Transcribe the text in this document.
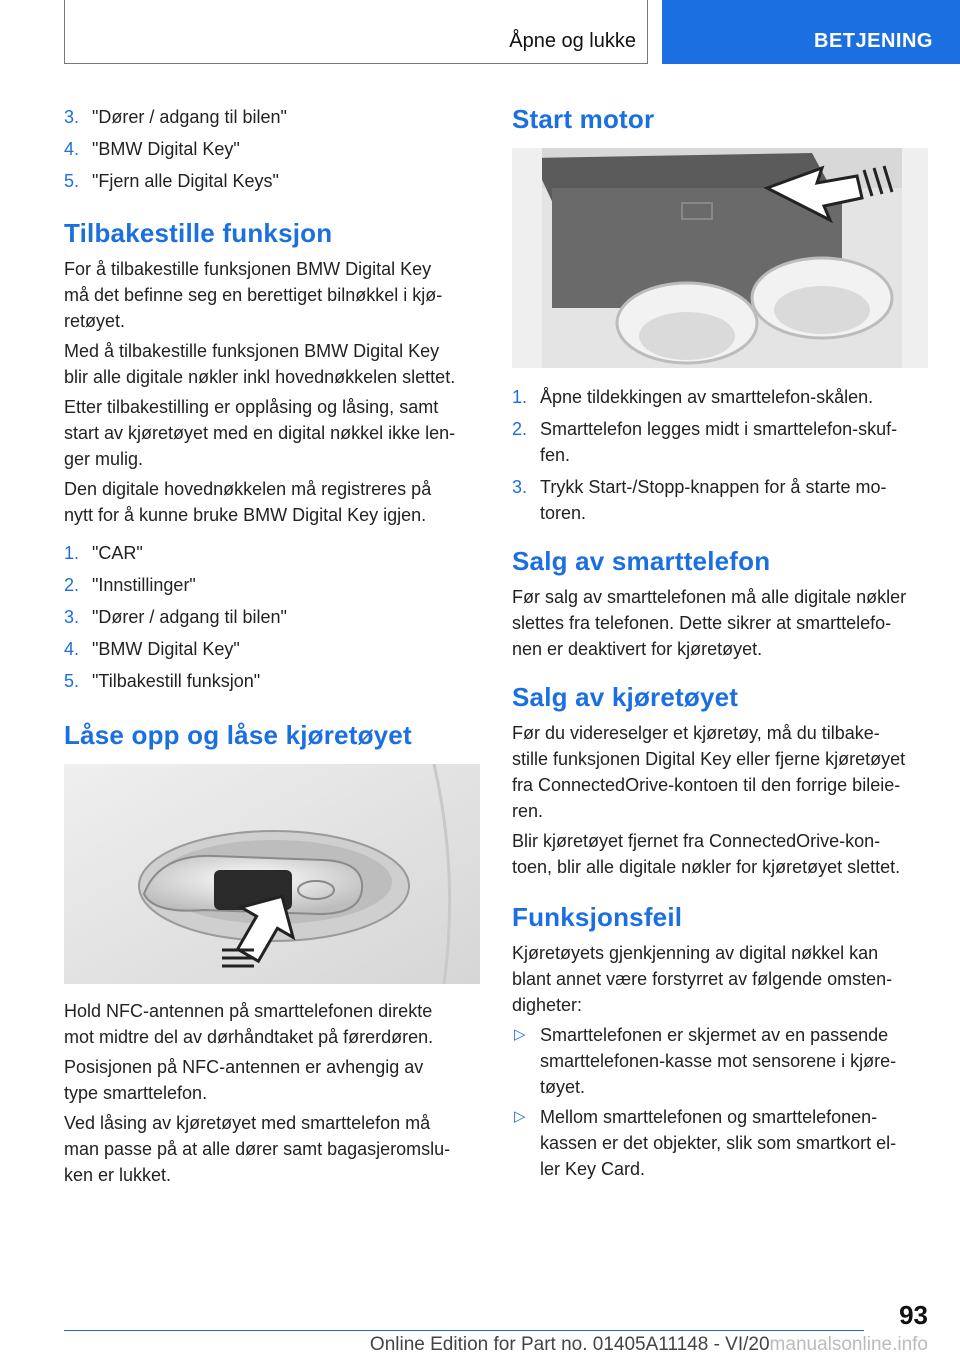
Åpne og lukke	BETJENING
3. "Dører / adgang til bilen"
4. "BMW Digital Key"
5. "Fjern alle Digital Keys"
Tilbakestille funksjon
For å tilbakestille funksjonen BMW Digital Key
må det befinne seg en berettiget bilnøkkel i kjø-
retøyet.
Med å tilbakestille funksjonen BMW Digital Key
blir alle digitale nøkler inkl hovednøkkelen slettet.
Etter tilbakestilling er opplåsing og låsing, samt
start av kjøretøyet med en digital nøkkel ikke len-
ger mulig.
Den digitale hovednøkkelen må registreres på
nytt for å kunne bruke BMW Digital Key igjen.
1. "CAR"
2. "Innstillinger"
3. "Dører / adgang til bilen"
4. "BMW Digital Key"
5. "Tilbakestill funksjon"
Låse opp og låse kjøretøyet
Hold NFC-antennen på smarttelefonen direkte
mot midtre del av dørhåndtaket på førerdøren.
Posisjonen på NFC-antennen er avhengig av
type smarttelefon.
Ved låsing av kjøretøyet med smarttelefon må
man passe på at alle dører samt bagasjeromslu-
ken er lukket.
Start motor
1. Åpne tildekkingen av smarttelefon-skålen.
2. Smarttelefon legges midt i smarttelefon-skuf-
fen.
3. Trykk Start-/Stopp-knappen for å starte mo-
toren.
Salg av smarttelefon
Før salg av smarttelefonen må alle digitale nøkler
slettes fra telefonen. Dette sikrer at smarttelefo-
nen er deaktivert for kjøretøyet.
Salg av kjøretøyet
Før du videreselger et kjøretøy, må du tilbake-
stille funksjonen Digital Key eller fjerne kjøretøyet
fra ConnectedOrive-kontoen til den forrige bileie-
ren.
Blir kjøretøyet fjernet fra ConnectedOrive-kon-
toen, blir alle digitale nøkler for kjøretøyet slettet.
Funksjonsfeil
Kjøretøyets gjenkjenning av digital nøkkel kan
blant annet være forstyrret av følgende omsten-
digheter:
▷ Smarttelefonen er skjermet av en passende
smarttelefonen-kasse mot sensorene i kjøre-
tøyet.
▷ Mellom smarttelefonen og smarttelefonen-
kassen er det objekter, slik som smartkort el-
ler Key Card.
93
Online Edition for Part no. 01405A11148 - VI/20manualsonline.info
